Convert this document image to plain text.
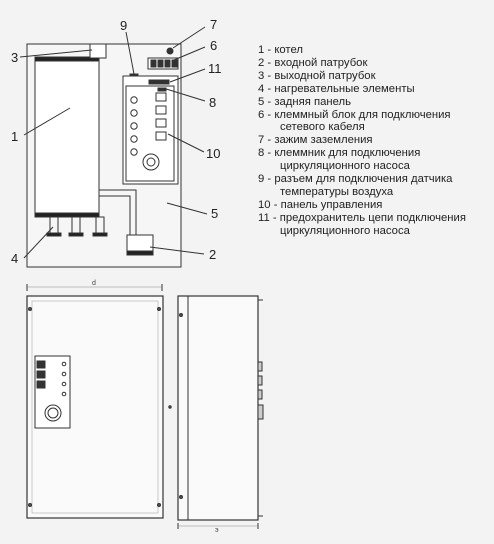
1
2
3
4
5
6
7
8
9
10
11
d
э
1 - котел
2 - входной патрубок
3 - выходной патрубок
4 - нагревательные элементы
5 - задняя панель
6 - клеммный блок для подключения
сетевого кабеля
7 - зажим заземления
8 - клеммник для подключения
циркуляционного насоса
9 - разъем для подключения датчика
температуры воздуха
10 - панель управления
11 - предохранитель цепи подключения
циркуляционного насоса
